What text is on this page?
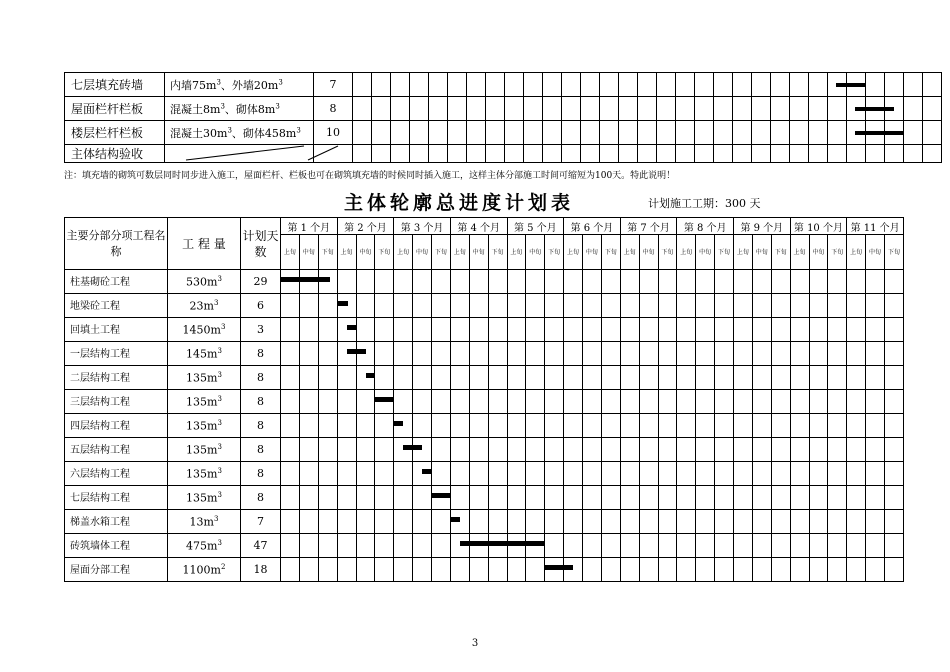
七层填充砖墙	内墙$75m^3$、外墙$20m^3$	7																															
屋面栏杆栏板	混凝土$8m^3$、砌体$8m^3$	8																															
楼层栏杆栏板	混凝土$30m^3$、砌体$458m^3$	10																															
主体结构验收																																	
注：填充墙的砌筑可数层同时同步进入施工，屋面栏杆、栏板也可在砌筑填充墙的时候同时插入施工，这样主体分部施工时间可缩短为100天。特此说明！
主体轮廓总进度计划表	计划施工工期：300 天
主要分部分项工程名称	工 程 量	计划天数	第 1 个月			第 2 个月			第 3 个月			第 4 个月			第 5 个月			第 6 个月			第 7 个月			第 8 个月			第 9 个月			第 10 个月			第 11 个月		
			上旬	中旬	下旬	上旬	中旬	下旬	上旬	中旬	下旬	上旬	中旬	下旬	上旬	中旬	下旬	上旬	中旬	下旬	上旬	中旬	下旬	上旬	中旬	下旬	上旬	中旬	下旬	上旬	中旬	下旬	上旬	中旬	下旬
柱基砌砼工程	$530m^3$	29																																	
地梁砼工程	$23m^3$	6																																	
回填土工程	$1450m^3$	3																																	
一层结构工程	$145m^3$	8																																	
二层结构工程	$135m^3$	8																																	
三层结构工程	$135m^3$	8																																	
四层结构工程	$135m^3$	8																																	
五层结构工程	$135m^3$	8																																	
六层结构工程	$135m^3$	8																																	
七层结构工程	$135m^3$	8																																	
梯盖水箱工程	$13m^3$	7																																	
砖筑墙体工程	$475m^3$	47																																	
屋面分部工程	$1100m^2$	18																																	
3
